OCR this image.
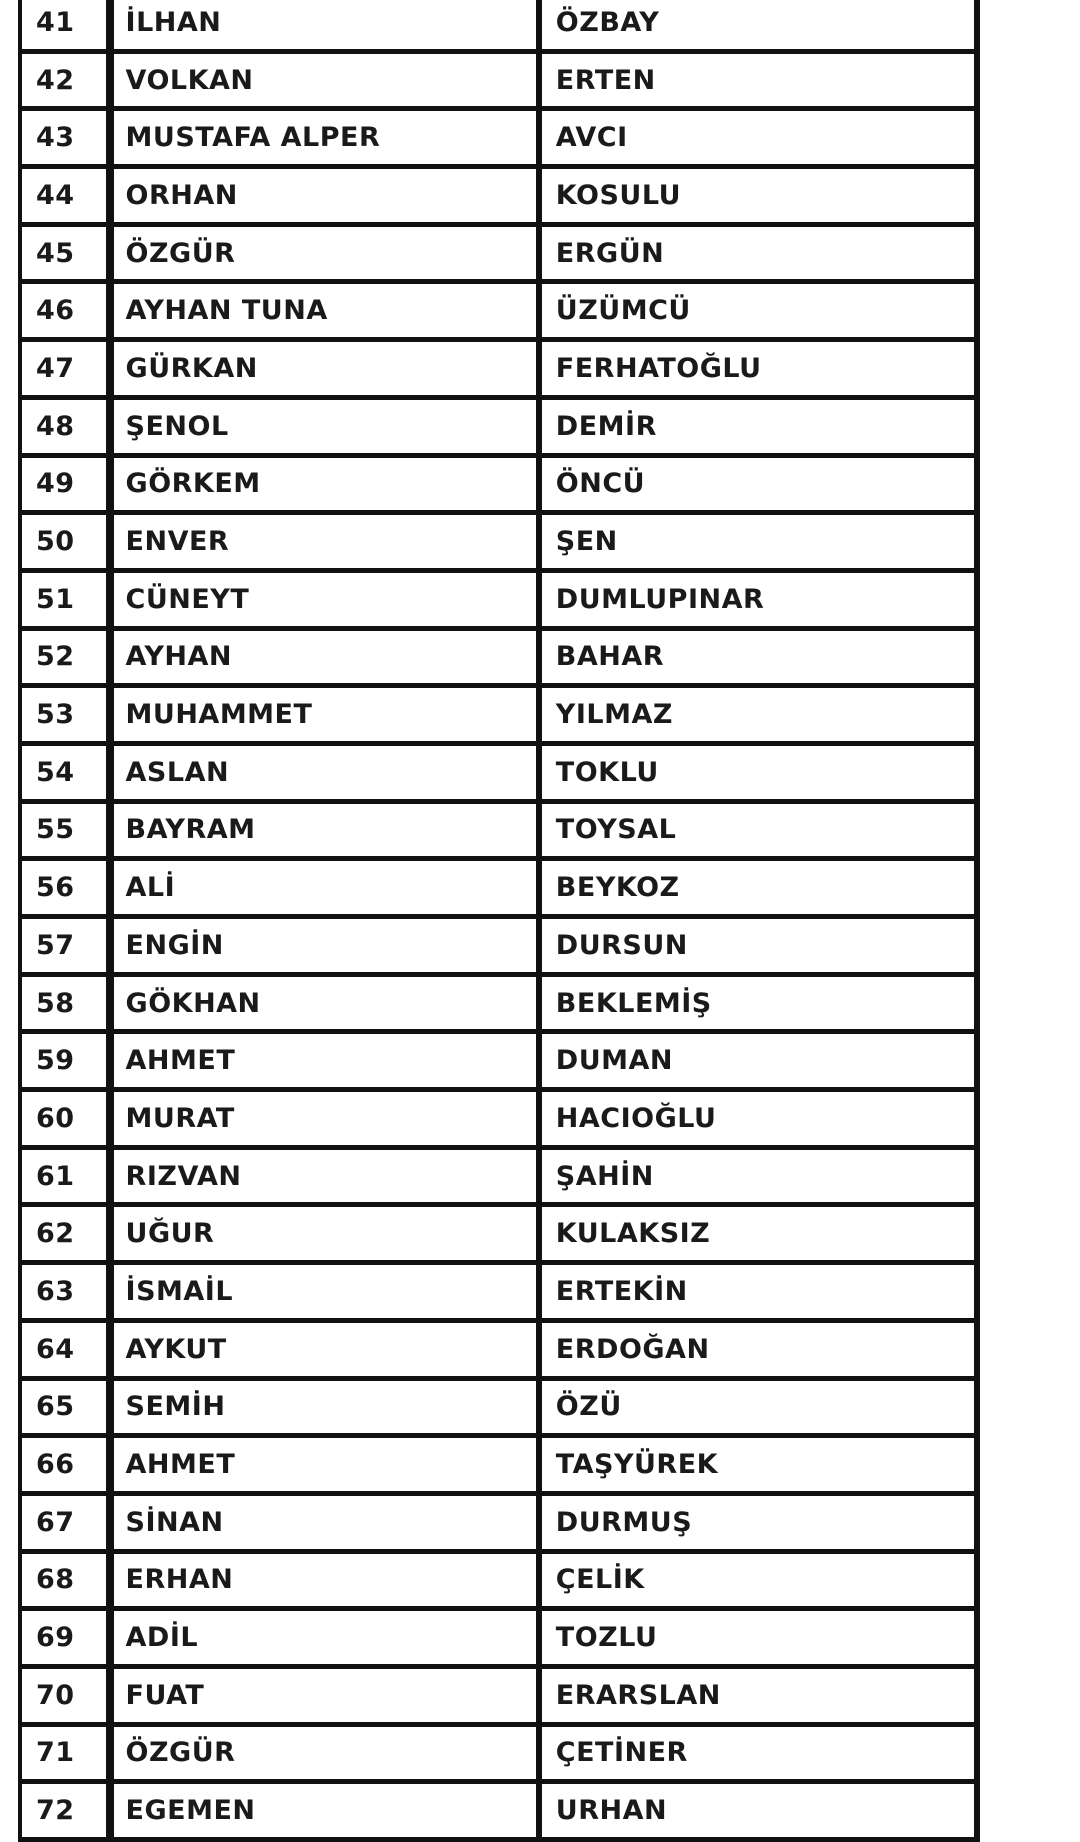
41	İLHAN	ÖZBAY
42	VOLKAN	ERTEN
43	MUSTAFA ALPER	AVCI
44	ORHAN	KOSULU
45	ÖZGÜR	ERGÜN
46	AYHAN TUNA	ÜZÜMCÜ
47	GÜRKAN	FERHATOĞLU
48	ŞENOL	DEMİR
49	GÖRKEM	ÖNCÜ
50	ENVER	ŞEN
51	CÜNEYT	DUMLUPINAR
52	AYHAN	BAHAR
53	MUHAMMET	YILMAZ
54	ASLAN	TOKLU
55	BAYRAM	TOYSAL
56	ALİ	BEYKOZ
57	ENGİN	DURSUN
58	GÖKHAN	BEKLEMİŞ
59	AHMET	DUMAN
60	MURAT	HACIOĞLU
61	RIZVAN	ŞAHİN
62	UĞUR	KULAKSIZ
63	İSMAİL	ERTEKİN
64	AYKUT	ERDOĞAN
65	SEMİH	ÖZÜ
66	AHMET	TAŞYÜREK
67	SİNAN	DURMUŞ
68	ERHAN	ÇELİK
69	ADİL	TOZLU
70	FUAT	ERARSLAN
71	ÖZGÜR	ÇETİNER
72	EGEMEN	URHAN
